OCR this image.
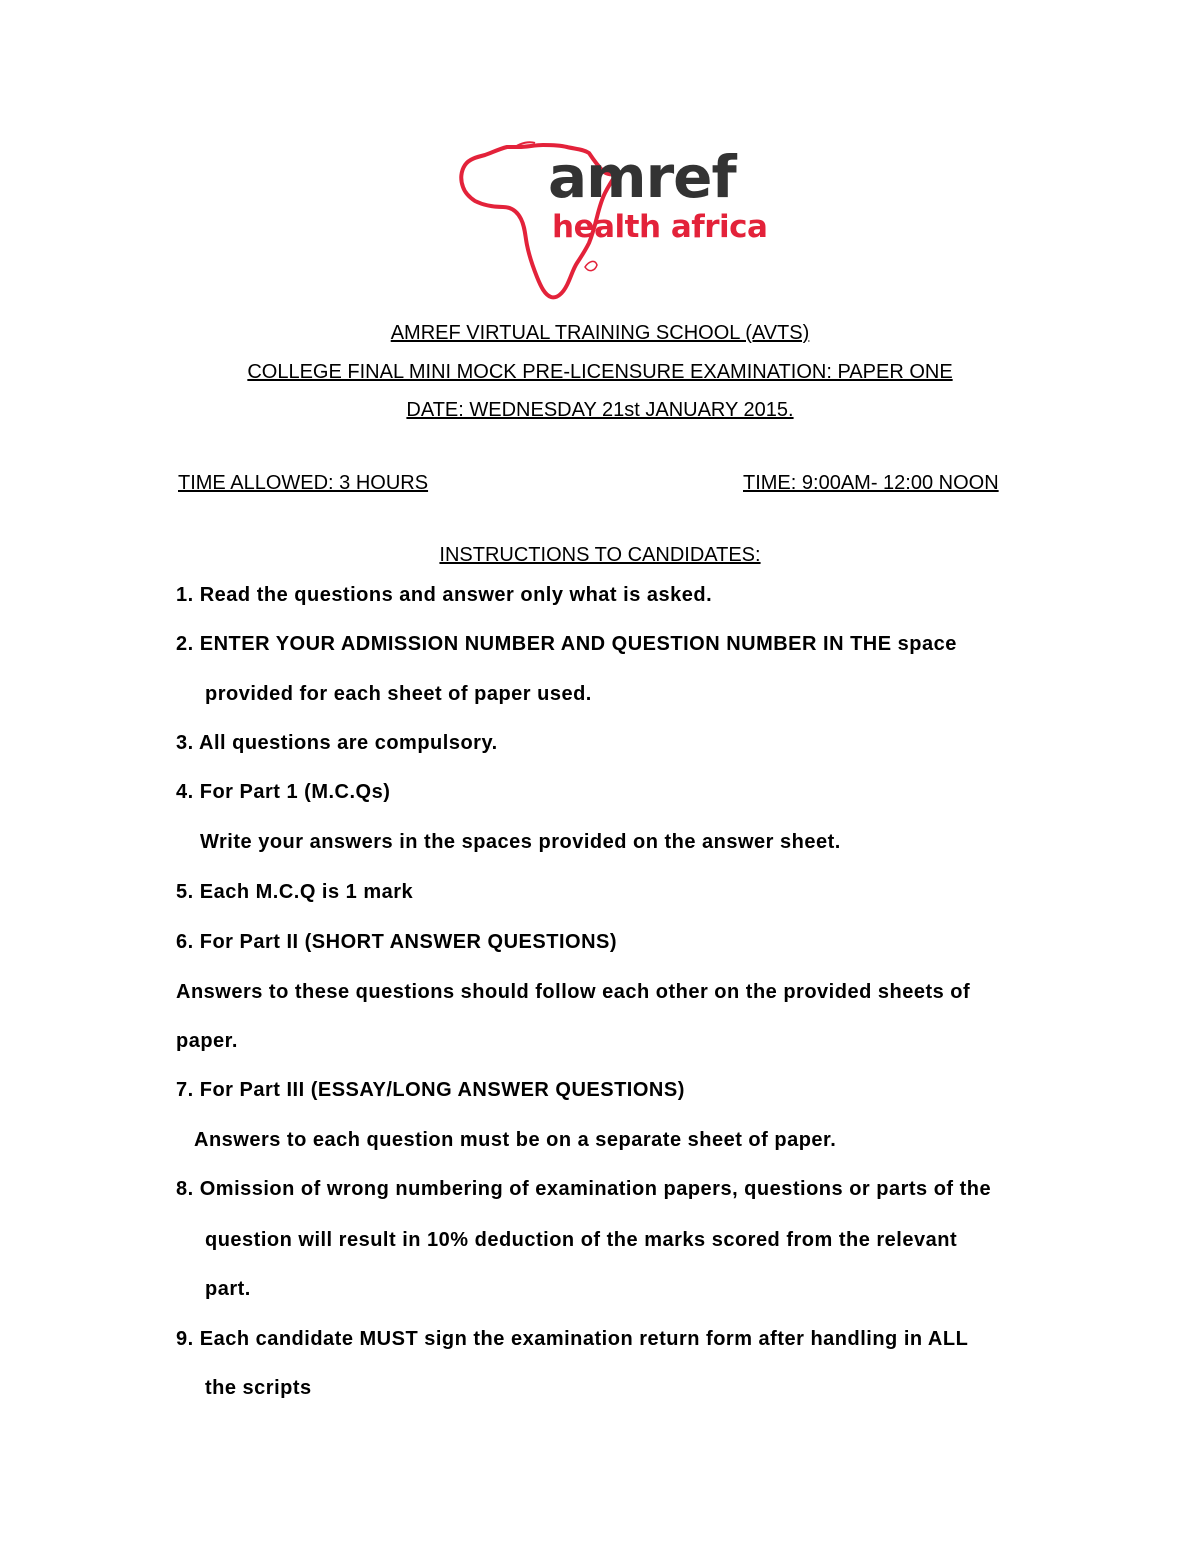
amref
health africa
AMREF VIRTUAL TRAINING SCHOOL (AVTS)
COLLEGE FINAL MINI MOCK PRE-LICENSURE EXAMINATION: PAPER ONE
DATE: WEDNESDAY 21st JANUARY 2015.
TIME ALLOWED: 3 HOURS	TIME: 9:00AM- 12:00 NOON
INSTRUCTIONS TO CANDIDATES:
1. Read the questions and answer only what is asked.
2. ENTER YOUR ADMISSION NUMBER AND QUESTION NUMBER IN THE space
provided for each sheet of paper used.
3. All questions are compulsory.
4. For Part 1 (M.C.Qs)
Write your answers in the spaces provided on the answer sheet.
5. Each M.C.Q is 1 mark
6. For Part II (SHORT ANSWER QUESTIONS)
Answers to these questions should follow each other on the provided sheets of
paper.
7. For Part III (ESSAY/LONG ANSWER QUESTIONS)
Answers to each question must be on a separate sheet of paper.
8. Omission of wrong numbering of examination papers, questions or parts of the
question will result in 10% deduction of the marks scored from the relevant
part.
9. Each candidate MUST sign the examination return form after handling in ALL
the scripts
